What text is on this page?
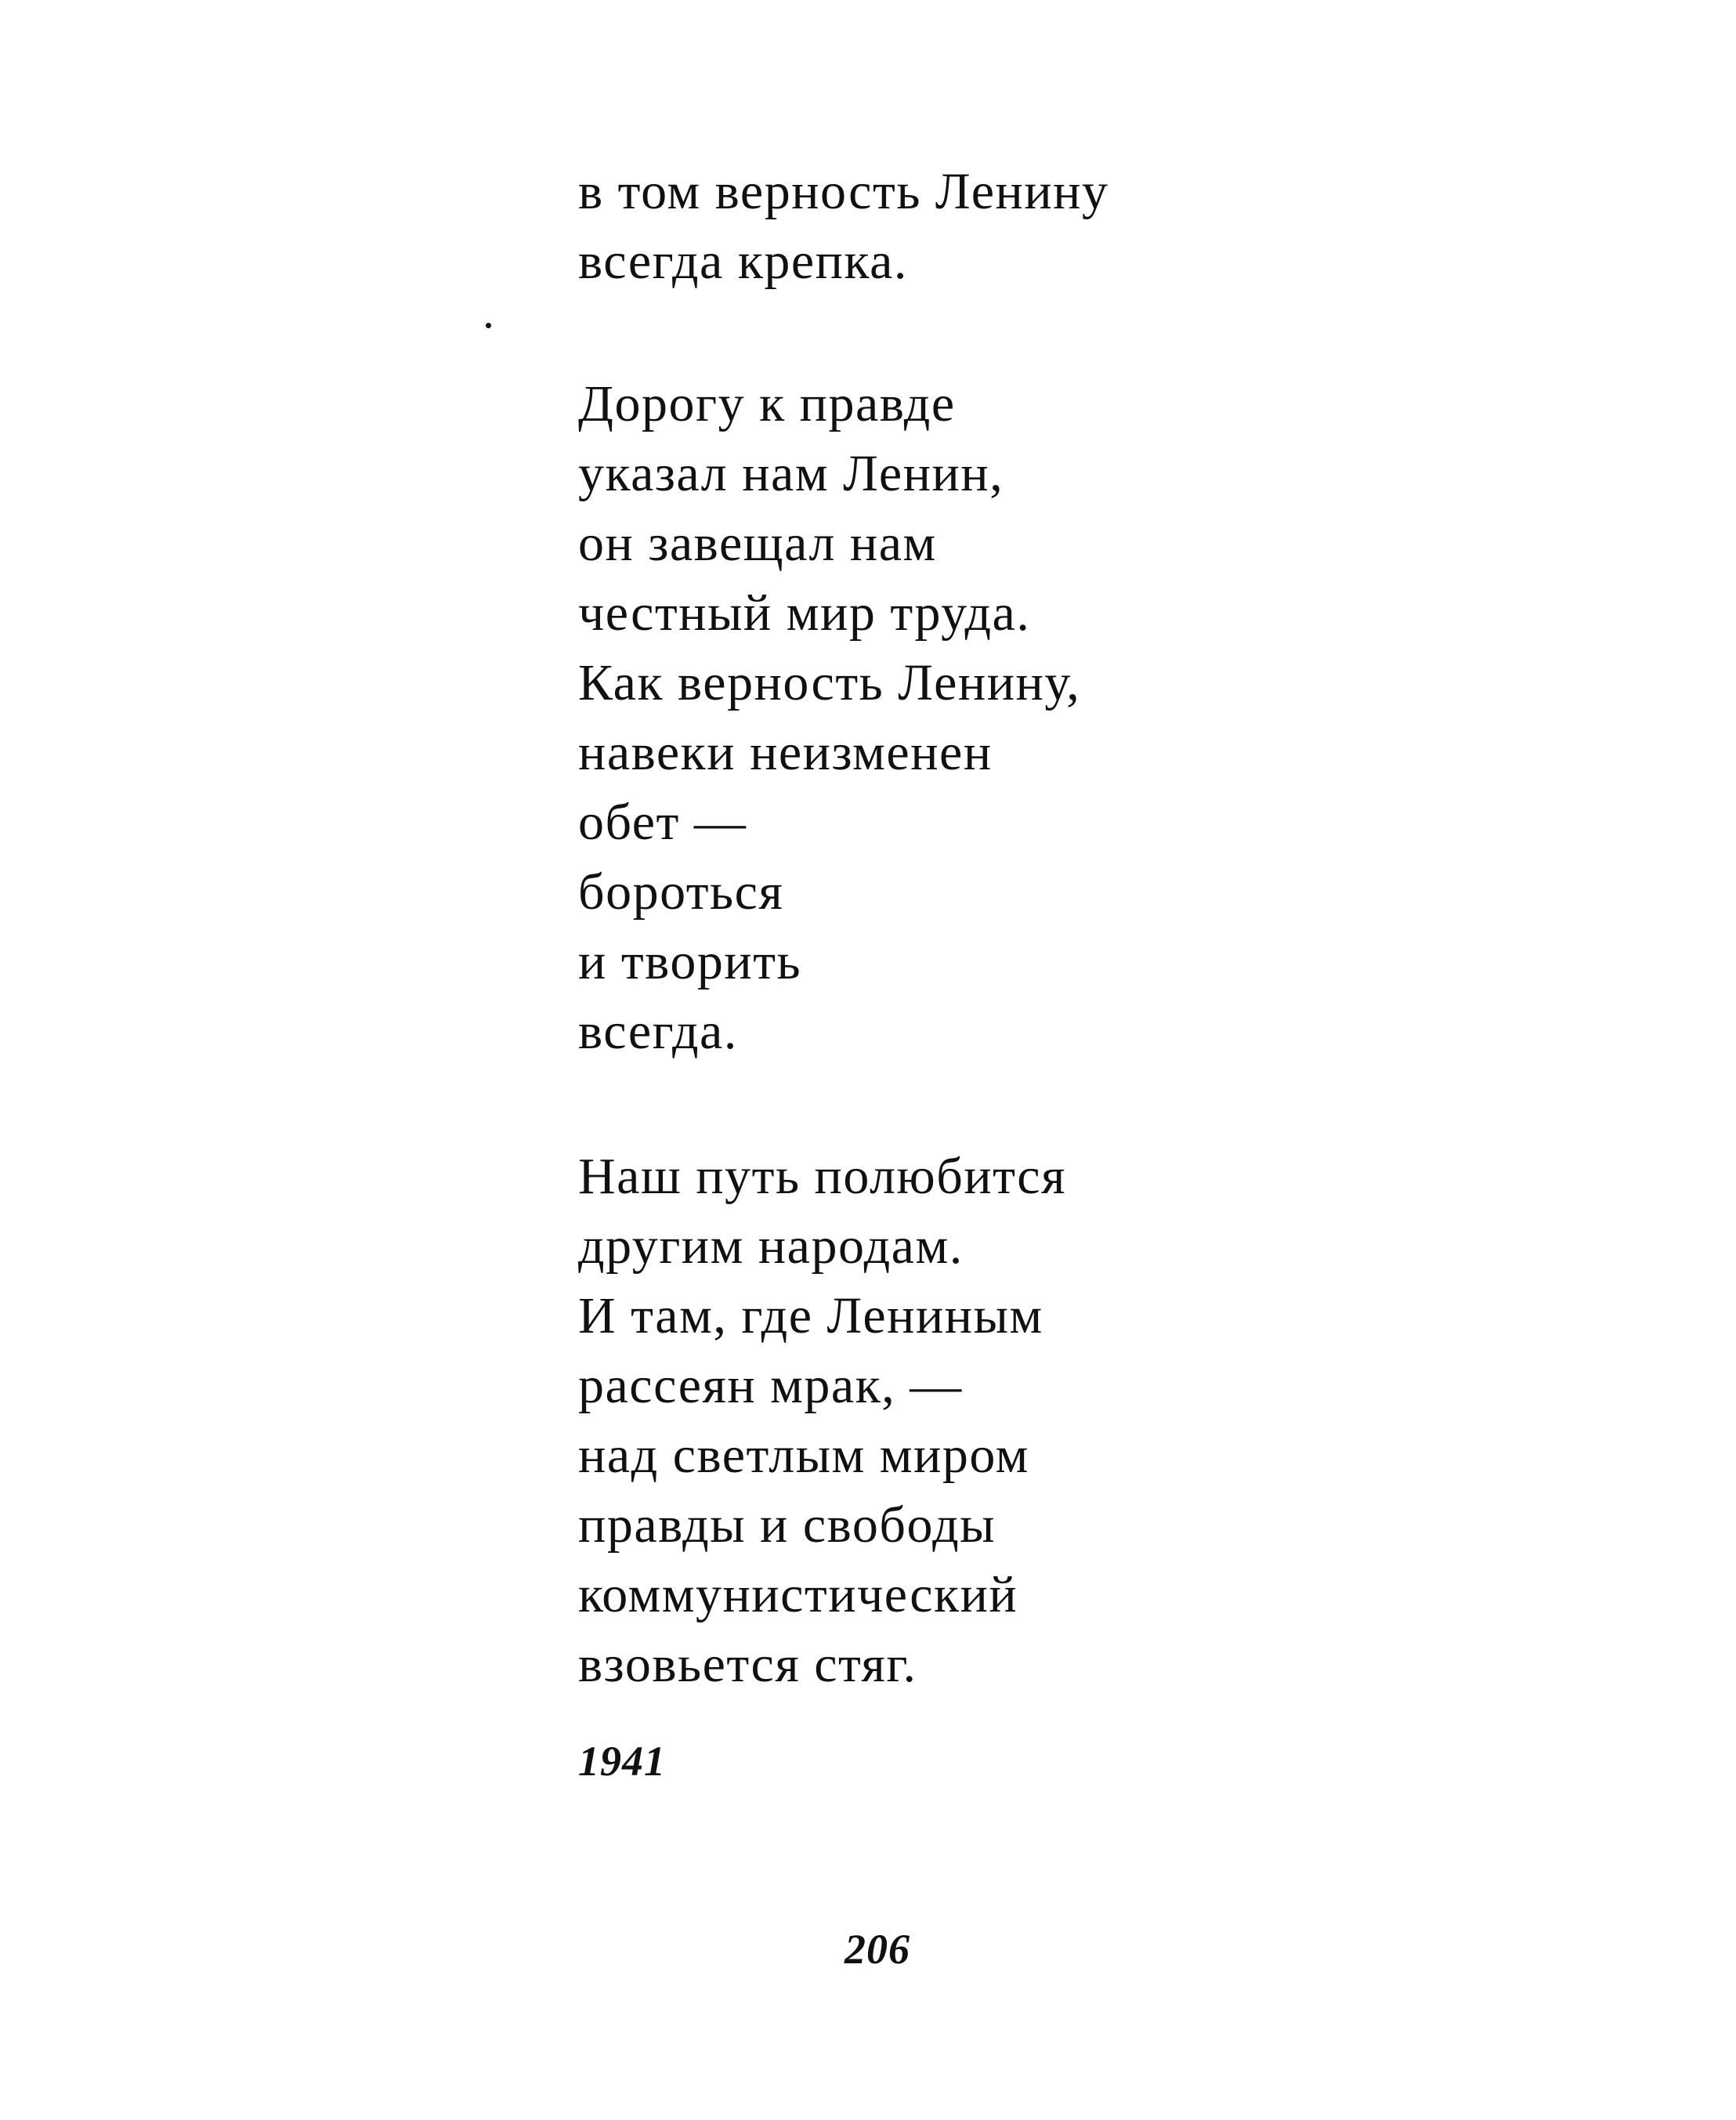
в том верность Ленину
всегда крепка.
Дорогу к правде
указал нам Ленин,
он завещал нам
честный мир труда.
Как верность Ленину,
навеки неизменен
обет —
бороться
и творить
всегда.
Наш путь полюбится
другим народам.
И там, где Лениным
рассеян мрак, —
над светлым миром
правды и свободы
коммунистический
взовьется стяг.
1941
206
